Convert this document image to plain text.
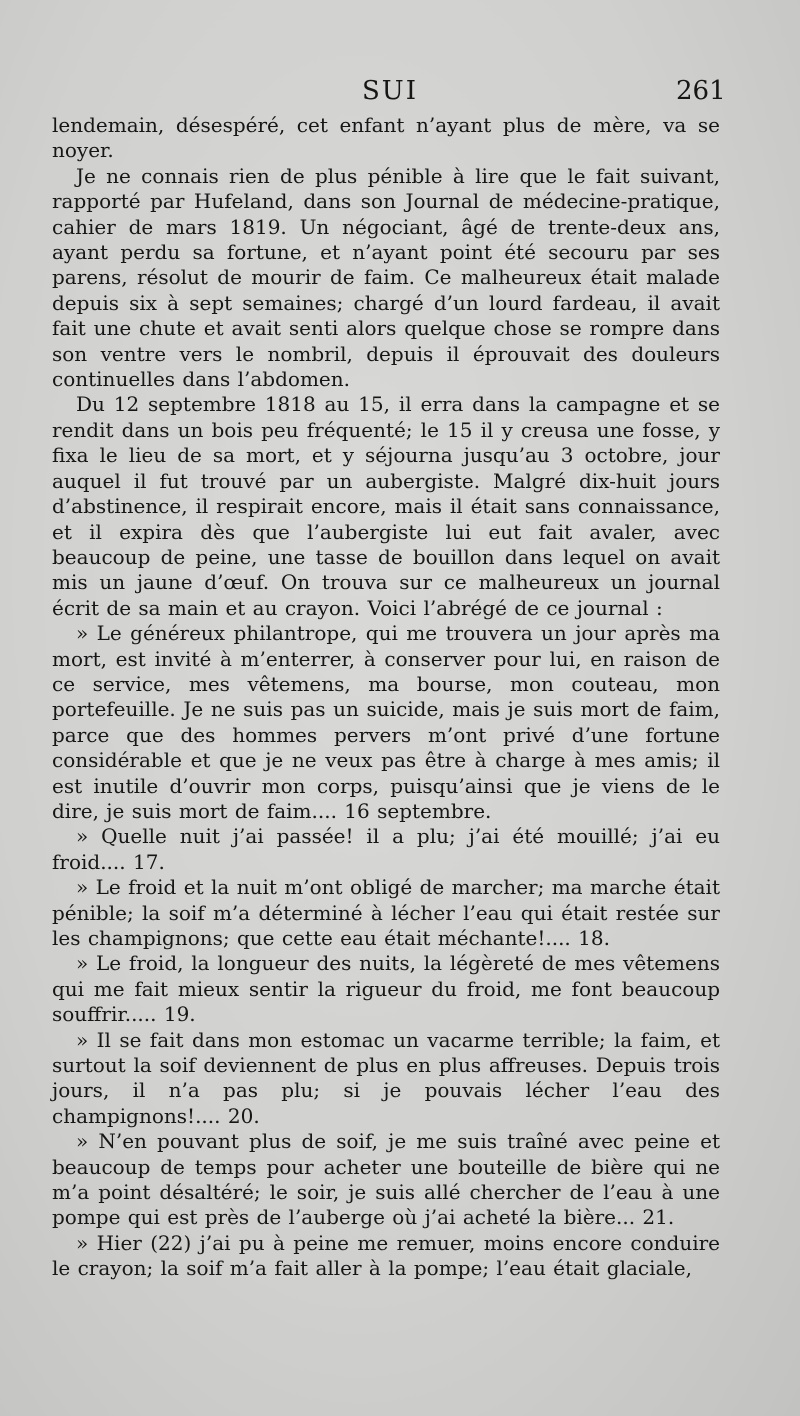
SUI	261

lendemain, désespéré, cet enfant n’ayant plus de mère, va se noyer.

Je ne connais rien de plus pénible à lire que le fait suivant, rapporté par Hufeland, dans son Journal de médecine-pratique, cahier de mars 1819. Un négociant, âgé de trente-deux ans, ayant perdu sa fortune, et n’ayant point été secouru par ses parens, résolut de mourir de faim. Ce malheureux était malade depuis six à sept semaines; chargé d’un lourd fardeau, il avait fait une chute et avait senti alors quelque chose se rompre dans son ventre vers le nombril, depuis il éprouvait des douleurs continuelles dans l’abdomen.

Du 12 septembre 1818 au 15, il erra dans la campagne et se rendit dans un bois peu fréquenté; le 15 il y creusa une fosse, y fixa le lieu de sa mort, et y séjourna jusqu’au 3 octobre, jour auquel il fut trouvé par un aubergiste. Malgré dix-huit jours d’abstinence, il respirait encore, mais il était sans connaissance, et il expira dès que l’aubergiste lui eut fait avaler, avec beaucoup de peine, une tasse de bouillon dans lequel on avait mis un jaune d’œuf. On trouva sur ce malheureux un journal écrit de sa main et au crayon. Voici l’abrégé de ce journal :

» Le généreux philantrope, qui me trouvera un jour après ma mort, est invité à m’enterrer, à conserver pour lui, en raison de ce service, mes vêtemens, ma bourse, mon couteau, mon portefeuille. Je ne suis pas un suicide, mais je suis mort de faim, parce que des hommes pervers m’ont privé d’une fortune considérable et que je ne veux pas être à charge à mes amis; il est inutile d’ouvrir mon corps, puisqu’ainsi que je viens de le dire, je suis mort de faim.... 16 septembre.

» Quelle nuit j’ai passée! il a plu; j’ai été mouillé; j’ai eu froid.... 17.

» Le froid et la nuit m’ont obligé de marcher; ma marche était pénible; la soif m’a déterminé à lécher l’eau qui était restée sur les champignons; que cette eau était méchante!.... 18.

» Le froid, la longueur des nuits, la légèreté de mes vêtemens qui me fait mieux sentir la rigueur du froid, me font beaucoup souffrir..... 19.

» Il se fait dans mon estomac un vacarme terrible; la faim, et surtout la soif deviennent de plus en plus affreuses. Depuis trois jours, il n’a pas plu; si je pouvais lécher l’eau des champignons!.... 20.

» N’en pouvant plus de soif, je me suis traîné avec peine et beaucoup de temps pour acheter une bouteille de bière qui ne m’a point désaltéré; le soir, je suis allé chercher de l’eau à une pompe qui est près de l’auberge où j’ai acheté la bière... 21.

» Hier (22) j’ai pu à peine me remuer, moins encore conduire le crayon; la soif m’a fait aller à la pompe; l’eau était glaciale,
